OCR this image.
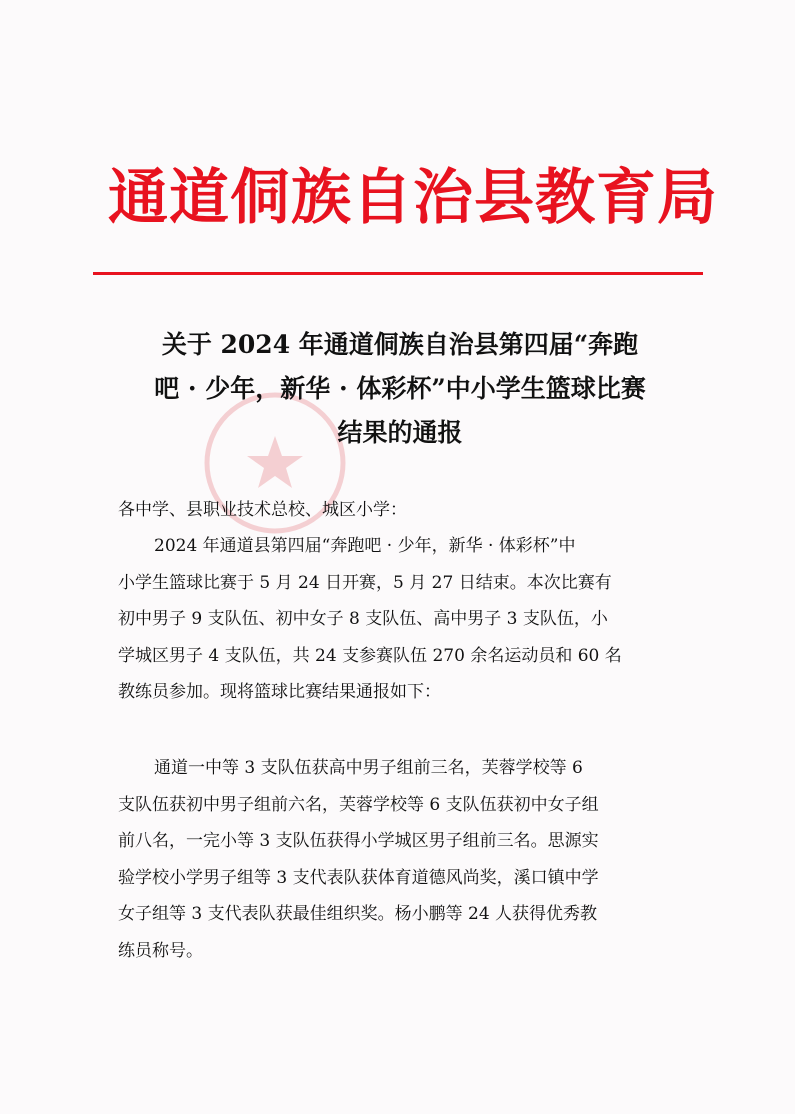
通道侗族自治县教育局
关于 2024 年通道侗族自治县第四届“奔跑
吧 · 少年，新华 · 体彩杯”中小学生篮球比赛
结果的通报
各中学、县职业技术总校、城区小学：
2024 年通道县第四届“奔跑吧 · 少年，新华 · 体彩杯”中
小学生篮球比赛于 5 月 24 日开赛，5 月 27 日结束。本次比赛有
初中男子 9 支队伍、初中女子 8 支队伍、高中男子 3 支队伍，小
学城区男子 4 支队伍，共 24 支参赛队伍 270 余名运动员和 60 名
教练员参加。现将篮球比赛结果通报如下：
通道一中等 3 支队伍获高中男子组前三名，芙蓉学校等 6
支队伍获初中男子组前六名，芙蓉学校等 6 支队伍获初中女子组
前八名，一完小等 3 支队伍获得小学城区男子组前三名。思源实
验学校小学男子组等 3 支代表队获体育道德风尚奖，溪口镇中学
女子组等 3 支代表队获最佳组织奖。杨小鹏等 24 人获得优秀教
练员称号。
